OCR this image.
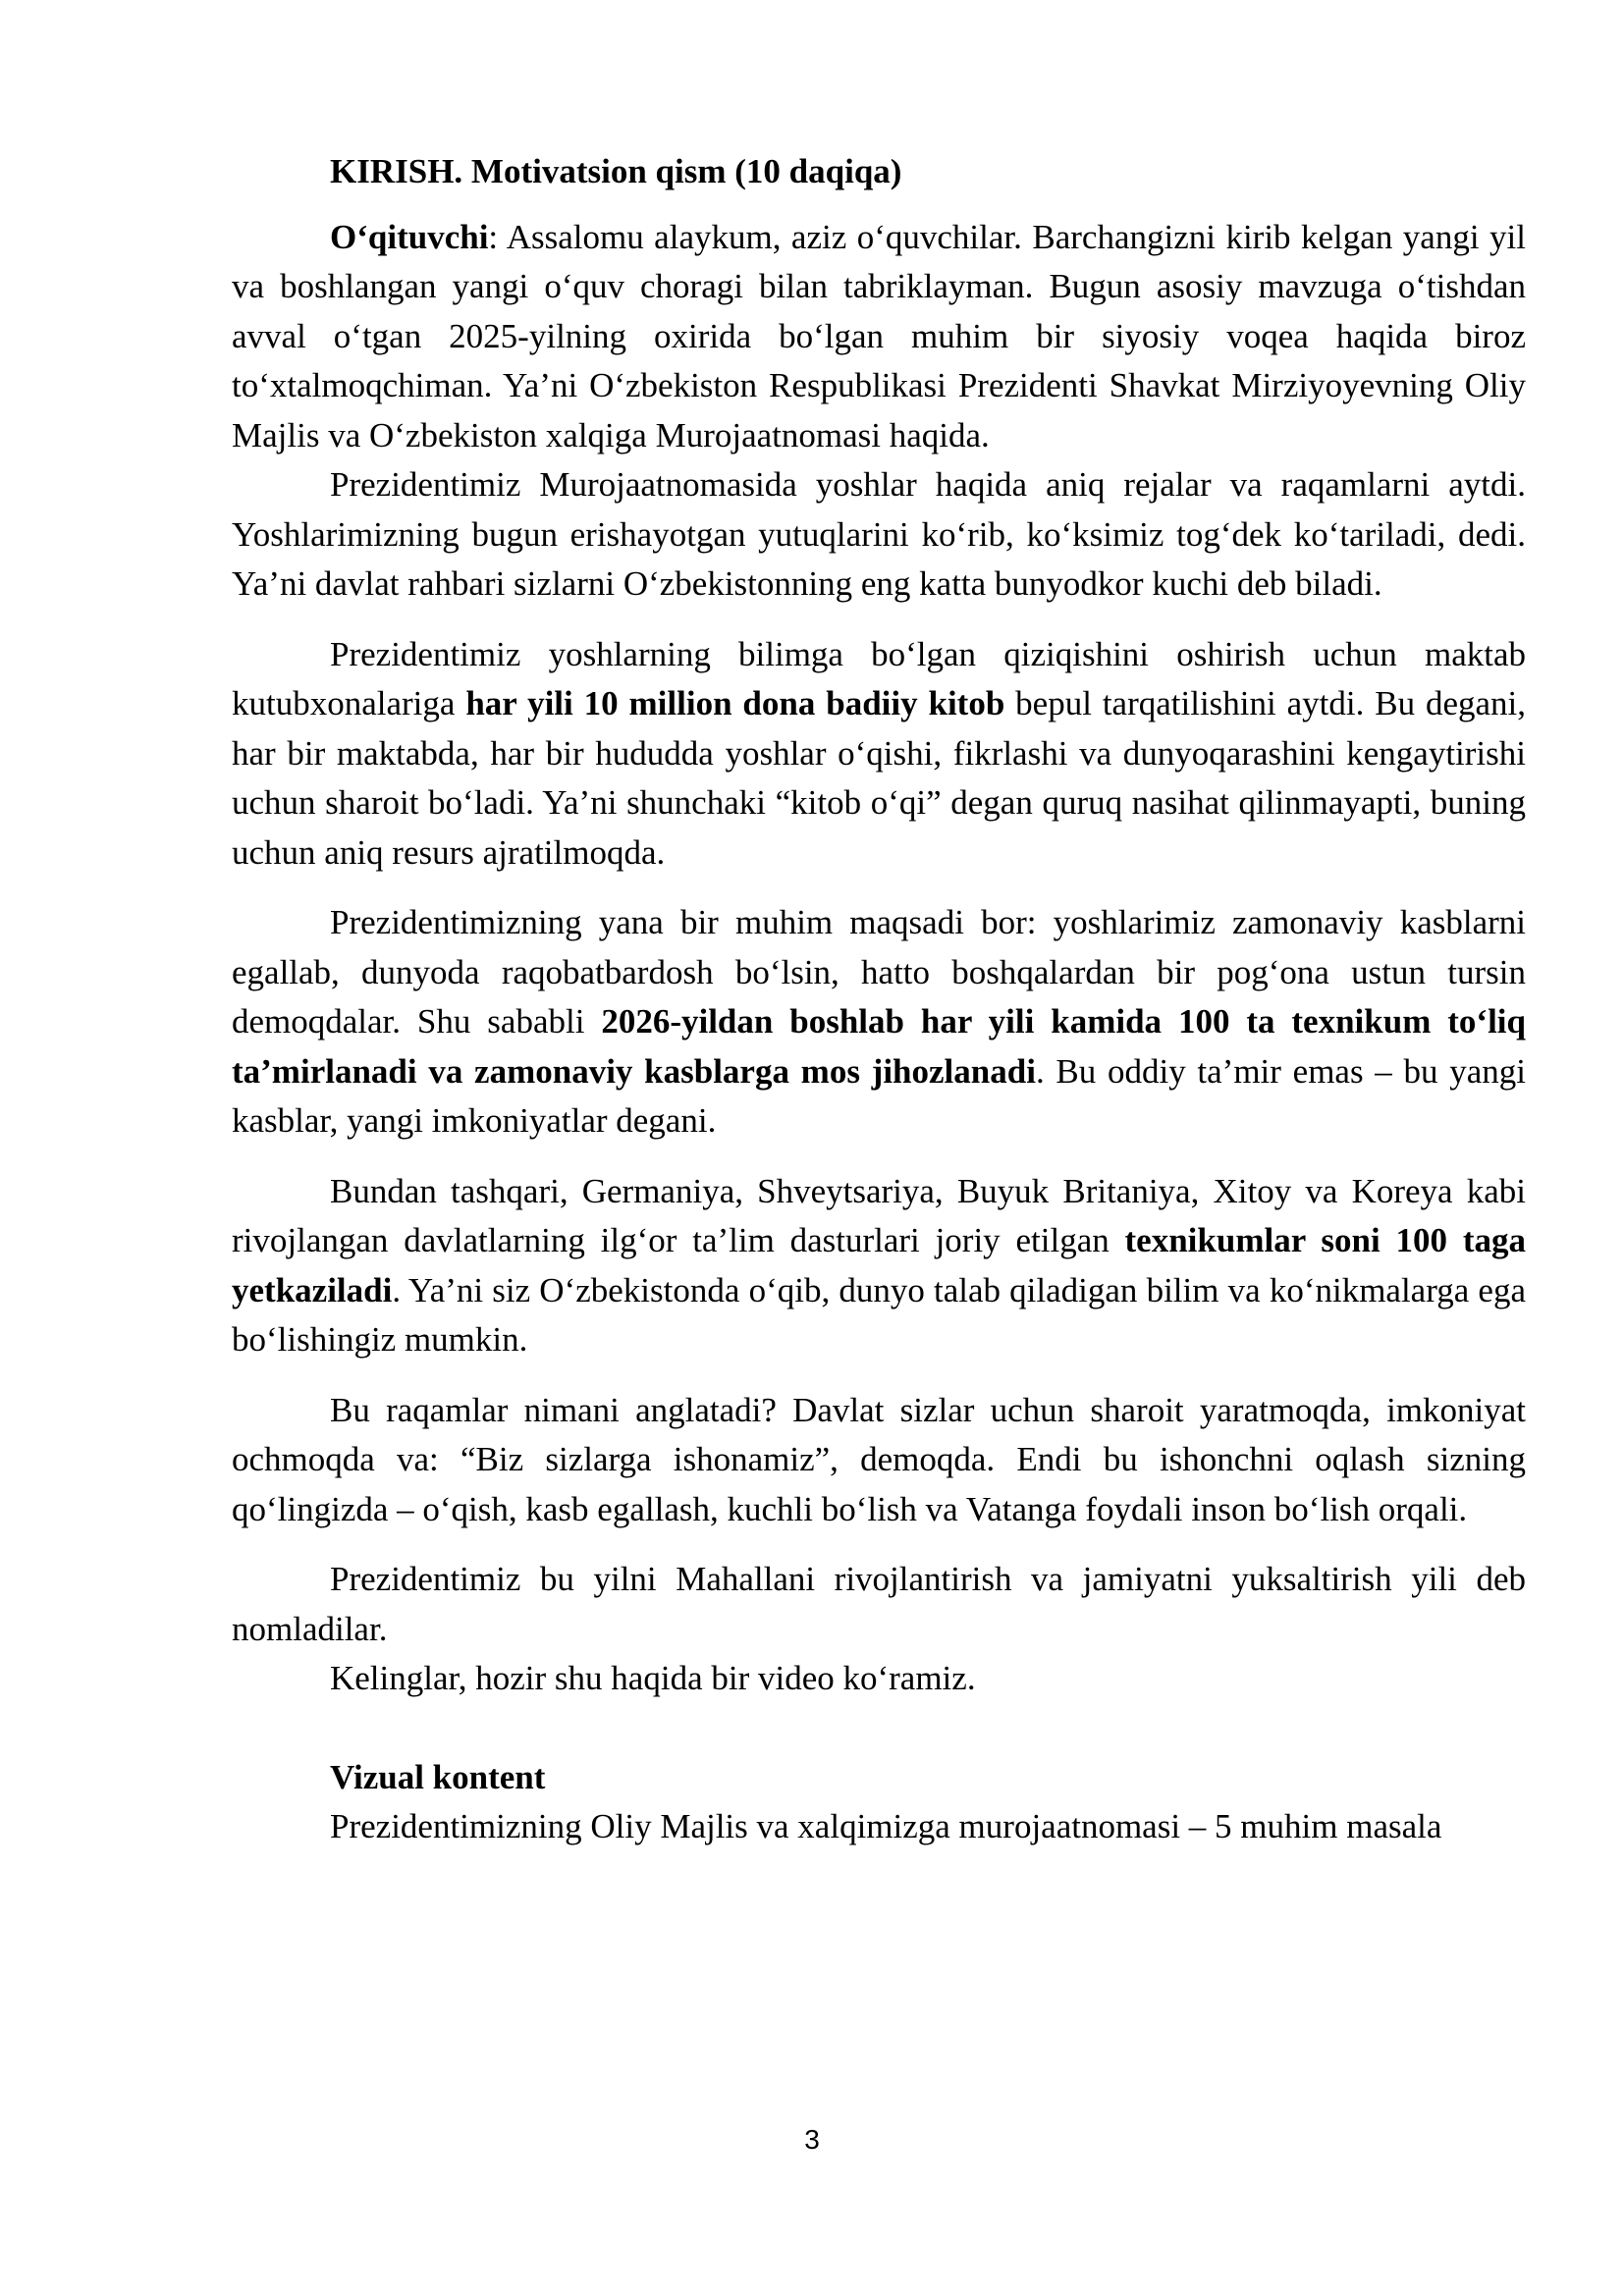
KIRISH. Motivatsion qism (10 daqiqa)

O‘qituvchi: Assalomu alaykum, aziz o‘quvchilar. Barchangizni kirib kelgan yangi yil va boshlangan yangi o‘quv choragi bilan tabriklayman. Bugun asosiy mavzuga o‘tishdan avval o‘tgan 2025-yilning oxirida bo‘lgan muhim bir siyosiy voqea haqida biroz to‘xtalmoqchiman. Ya’ni O‘zbekiston Respublikasi Prezidenti Shavkat Mirziyoyevning Oliy Majlis va O‘zbekiston xalqiga Murojaatnomasi haqida.

Prezidentimiz Murojaatnomasida yoshlar haqida aniq rejalar va raqamlarni aytdi. Yoshlarimizning bugun erishayotgan yutuqlarini ko‘rib, ko‘ksimiz tog‘dek ko‘tariladi, dedi. Ya’ni davlat rahbari sizlarni O‘zbekistonning eng katta bunyodkor kuchi deb biladi.

Prezidentimiz yoshlarning bilimga bo‘lgan qiziqishini oshirish uchun maktab kutubxonalariga har yili 10 million dona badiiy kitob bepul tarqatilishini aytdi. Bu degani, har bir maktabda, har bir hududda yoshlar o‘qishi, fikrlashi va dunyoqarashini kengaytirishi uchun sharoit bo‘ladi. Ya’ni shunchaki “kitob o‘qi” degan quruq nasihat qilinmayapti, buning uchun aniq resurs ajratilmoqda.

Prezidentimizning yana bir muhim maqsadi bor: yoshlarimiz zamonaviy kasblarni egallab, dunyoda raqobatbardosh bo‘lsin, hatto boshqalardan bir pog‘ona ustun tursin demoqdalar. Shu sababli 2026-yildan boshlab har yili kamida 100 ta texnikum to‘liq ta’mirlanadi va zamonaviy kasblarga mos jihozlanadi. Bu oddiy ta’mir emas – bu yangi kasblar, yangi imkoniyatlar degani.

Bundan tashqari, Germaniya, Shveytsariya, Buyuk Britaniya, Xitoy va Koreya kabi rivojlangan davlatlarning ilg‘or ta’lim dasturlari joriy etilgan texnikumlar soni 100 taga yetkaziladi. Ya’ni siz O‘zbekistonda o‘qib, dunyo talab qiladigan bilim va ko‘nikmalarga ega bo‘lishingiz mumkin.

Bu raqamlar nimani anglatadi? Davlat sizlar uchun sharoit yaratmoqda, imkoniyat ochmoqda va: “Biz sizlarga ishonamiz”, demoqda. Endi bu ishonchni oqlash sizning qo‘lingizda – o‘qish, kasb egallash, kuchli bo‘lish va Vatanga foydali inson bo‘lish orqali.

Prezidentimiz bu yilni Mahallani rivojlantirish va jamiyatni yuksaltirish yili deb nomladilar.

Kelinglar, hozir shu haqida bir video ko‘ramiz.

Vizual kontent

Prezidentimizning Oliy Majlis va xalqimizga murojaatnomasi – 5 muhim masala

3
